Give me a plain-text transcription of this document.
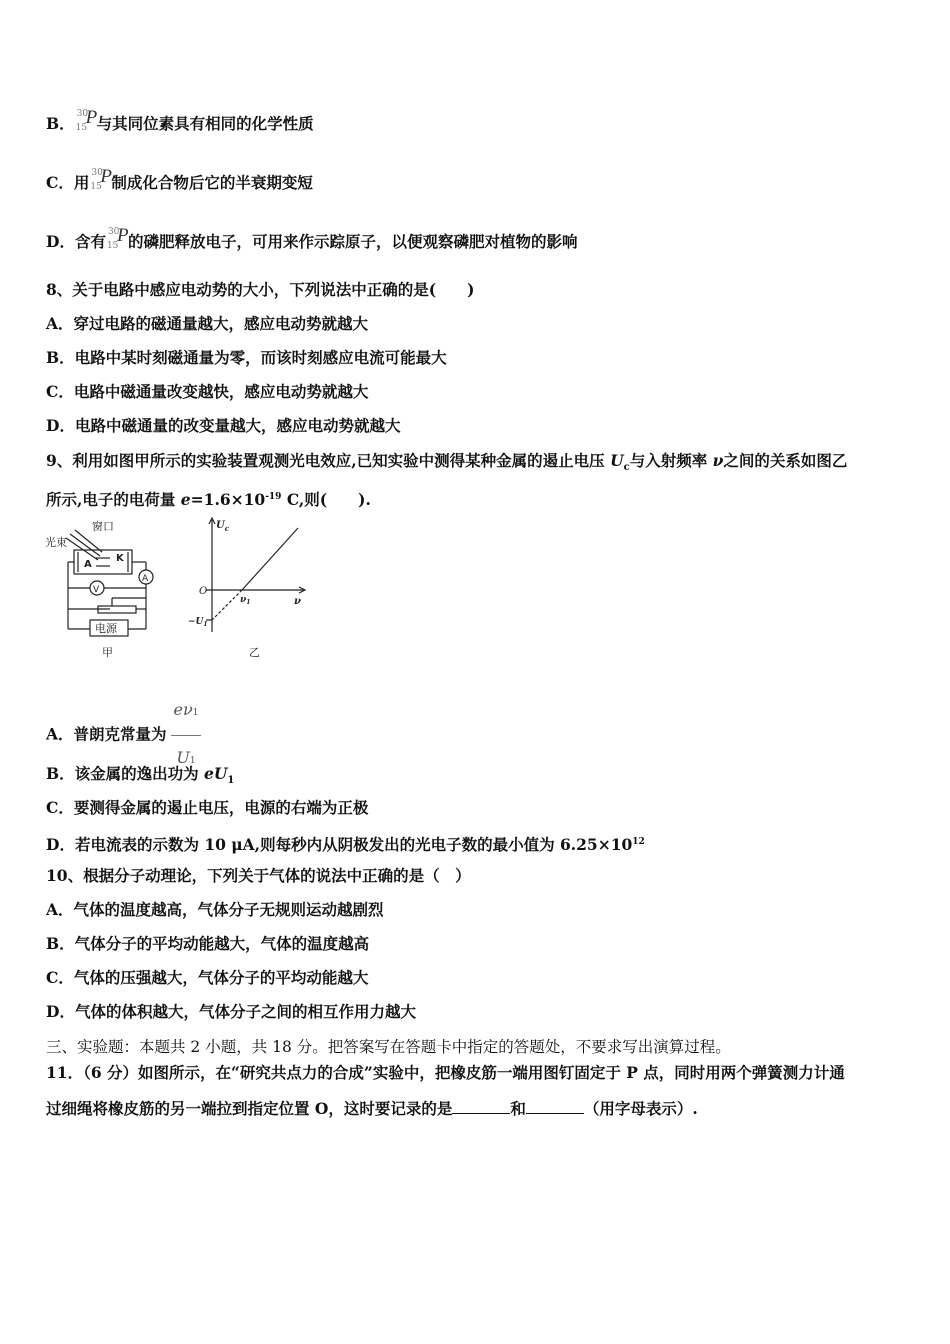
B． 30
15
P 与其同位素具有相同的化学性质
C．用 30
15
P 制成化合物后它的半衰期变短
D．含有 30
15
P 的磷肥释放电子，可用来作示踪原子，以便观察磷肥对植物的影响
8、关于电路中感应电动势的大小，下列说法中正确的是(　　)
A．穿过电路的磁通量越大，感应电动势就越大
B．电路中某时刻磁通量为零，而该时刻感应电流可能最大
C．电路中磁通量改变越快，感应电动势就越大
D．电路中磁通量的改变量越大，感应电动势就越大
9、利用如图甲所示的实验装置观测光电效应,已知实验中测得某种金属的遏止电压 $U_c$与入射频率 ν之间的关系如图乙
所示,电子的电荷量 $e=1.6\times 10^{-19}$ C,则(　　).
光束
窗口
A
K
A
V
电源
甲
$U_c$
O
ν
$\nu_1$
$-U_1$
乙
A．普朗克常量为 $\frac{e\nu 1}{U1}$
B．该金属的逸出功为 $eU_1$
C．要测得金属的遏止电压，电源的右端为正极
D．若电流表的示数为 10 μA,则每秒内从阴极发出的光电子数的最小值为 $6.25\times 10^{12}$
10、根据分子动理论，下列关于气体的说法中正确的是（　）
A．气体的温度越高，气体分子无规则运动越剧烈
B．气体分子的平均动能越大，气体的温度越高
C．气体的压强越大，气体分子的平均动能越大
D．气体的体积越大，气体分子之间的相互作用力越大
三、实验题：本题共 2 小题，共 18 分。把答案写在答题卡中指定的答题处，不要求写出演算过程。
11．（6 分）如图所示，在“研究共点力的合成”实验中，把橡皮筋一端用图钉固定于 P 点，同时用两个弹簧测力计通
过细绳将橡皮筋的另一端拉到指定位置 O，这时要记录的是	和	（用字母表示）.
